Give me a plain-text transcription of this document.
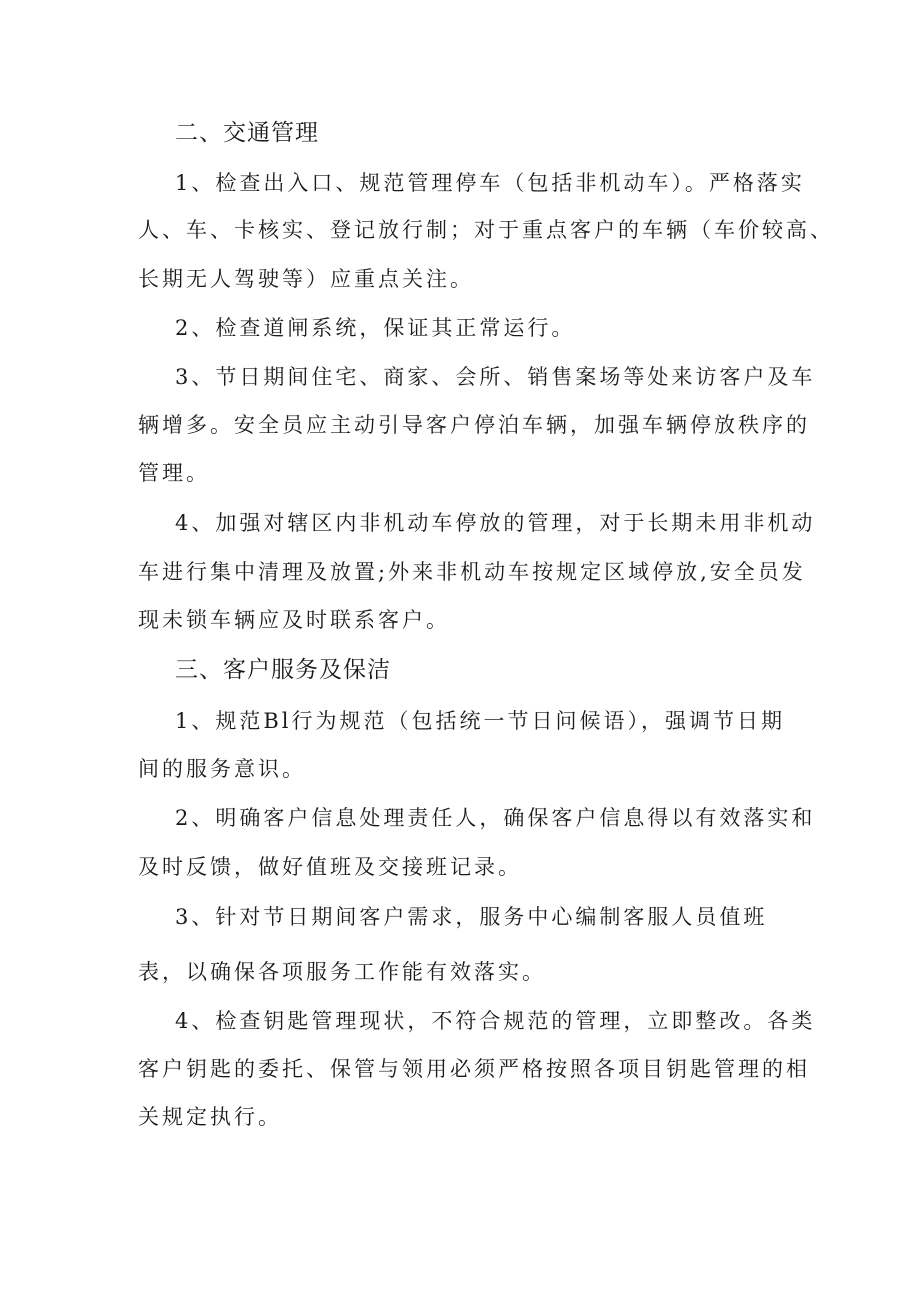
二、交通管理
1、检查出入口、规范管理停车（包括非机动车）。严格落实
人、车、卡核实、登记放行制；对于重点客户的车辆（车价较高、
长期无人驾驶等）应重点关注。
2、检查道闸系统，保证其正常运行。
3、节日期间住宅、商家、会所、销售案场等处来访客户及车
辆增多。安全员应主动引导客户停泊车辆，加强车辆停放秩序的
管理。
4、加强对辖区内非机动车停放的管理，对于长期未用非机动
车进行集中清理及放置;外来非机动车按规定区域停放,安全员发
现未锁车辆应及时联系客户。
三、客户服务及保洁
1、规范Bl行为规范（包括统一节日问候语），强调节日期
间的服务意识。
2、明确客户信息处理责任人，确保客户信息得以有效落实和
及时反馈，做好值班及交接班记录。
3、针对节日期间客户需求，服务中心编制客服人员值班
表，以确保各项服务工作能有效落实。
4、检查钥匙管理现状，不符合规范的管理，立即整改。各类
客户钥匙的委托、保管与领用必须严格按照各项目钥匙管理的相
关规定执行。
